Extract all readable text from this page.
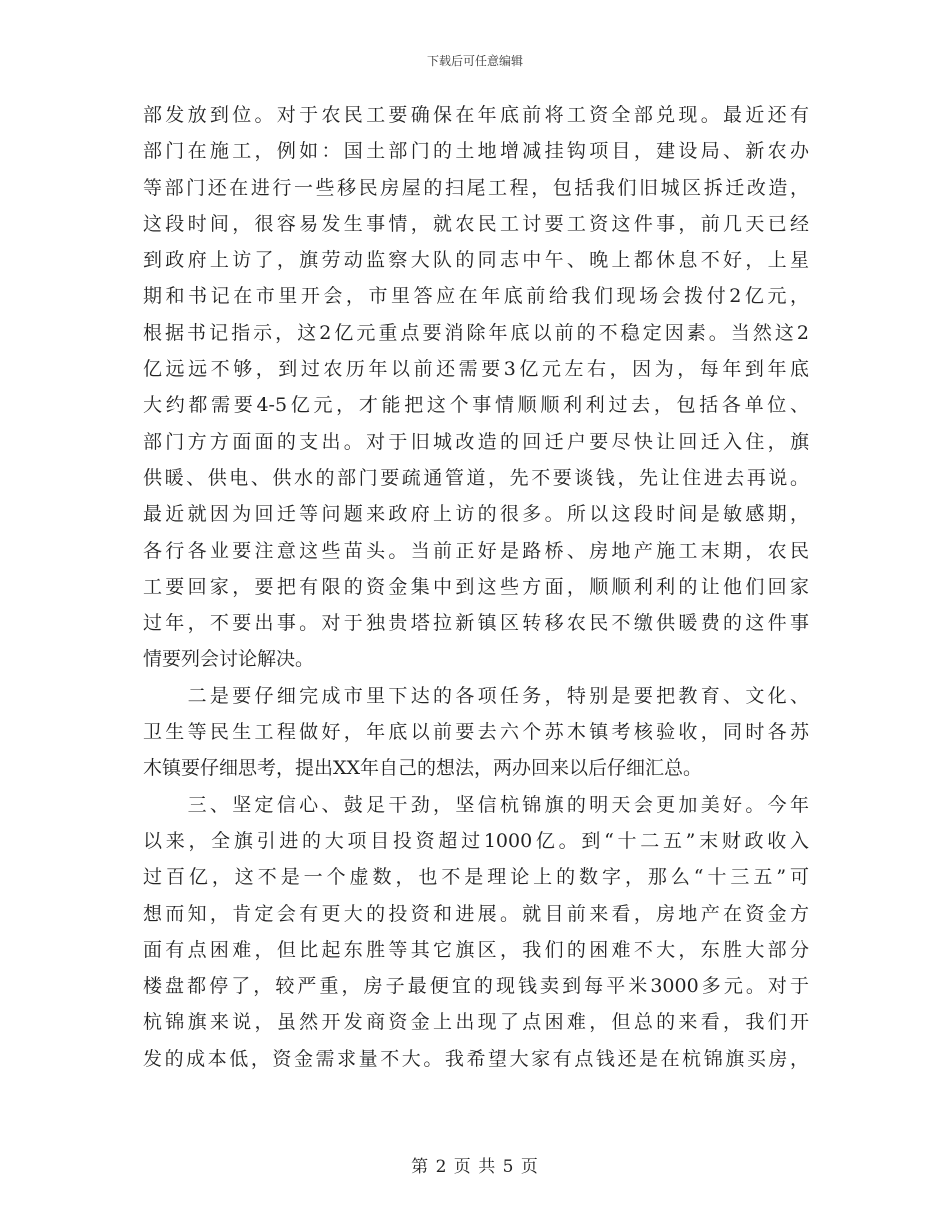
下载后可任意编辑
部发放到位。对于农民工要确保在年底前将工资全部兑现。最近还有
部门在施工，例如：国土部门的土地增减挂钩项目，建设局、新农办
等部门还在进行一些移民房屋的扫尾工程，包括我们旧城区拆迁改造，
这段时间，很容易发生事情，就农民工讨要工资这件事，前几天已经
到政府上访了，旗劳动监察大队的同志中午、晚上都休息不好，上星
期和书记在市里开会，市里答应在年底前给我们现场会拨付2亿元，
根据书记指示，这2亿元重点要消除年底以前的不稳定因素。当然这2
亿远远不够，到过农历年以前还需要3亿元左右，因为，每年到年底
大约都需要4-5亿元，才能把这个事情顺顺利利过去，包括各单位、
部门方方面面的支出。对于旧城改造的回迁户要尽快让回迁入住，旗
供暖、供电、供水的部门要疏通管道，先不要谈钱，先让住进去再说。
最近就因为回迁等问题来政府上访的很多。所以这段时间是敏感期，
各行各业要注意这些苗头。当前正好是路桥、房地产施工末期，农民
工要回家，要把有限的资金集中到这些方面，顺顺利利的让他们回家
过年，不要出事。对于独贵塔拉新镇区转移农民不缴供暖费的这件事
情要列会讨论解决。
　　二是要仔细完成市里下达的各项任务，特别是要把教育、文化、
卫生等民生工程做好，年底以前要去六个苏木镇考核验收，同时各苏
木镇要仔细思考，提出XX年自己的想法，两办回来以后仔细汇总。
　　三、坚定信心、鼓足干劲，坚信杭锦旗的明天会更加美好。今年
以来，全旗引进的大项目投资超过1000亿。到“十二五”末财政收入
过百亿，这不是一个虚数，也不是理论上的数字，那么“十三五”可
想而知，肯定会有更大的投资和进展。就目前来看，房地产在资金方
面有点困难，但比起东胜等其它旗区，我们的困难不大，东胜大部分
楼盘都停了，较严重，房子最便宜的现钱卖到每平米3000多元。对于
杭锦旗来说，虽然开发商资金上出现了点困难，但总的来看，我们开
发的成本低，资金需求量不大。我希望大家有点钱还是在杭锦旗买房，
第 2 页 共 5 页
